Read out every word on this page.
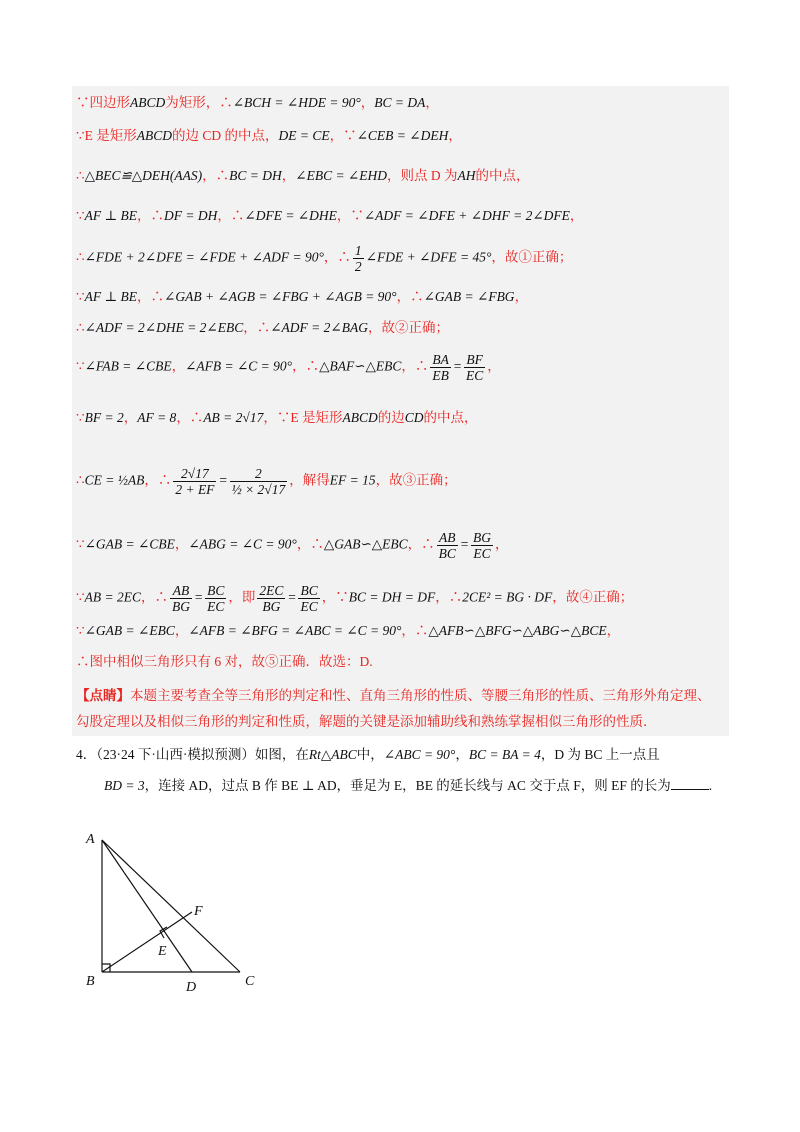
∵四边形ABCD为矩形，∴∠BCH = ∠HDE = 90°，BC = DA，
∵E 是矩形ABCD的边 CD 的中点，DE = CE，∵∠CEB = ∠DEH，
∴△BEC≌△DEH(AAS)，∴BC = DH，∠EBC = ∠EHD，则点 D 为AH的中点，
∵AF ⊥ BE，∴DF = DH，∴∠DFE = ∠DHE，∵∠ADF = ∠DFE + ∠DHF = 2∠DFE，
∴∠FDE + 2∠DFE = ∠FDE + ∠ADF = 90°，∴ $\frac{1}{2}$ ∠FDE + ∠DFE = 45°，故①正确；
∵AF ⊥ BE，∴∠GAB + ∠AGB = ∠FBG + ∠AGB = 90°，∴∠GAB = ∠FBG，
∴∠ADF = 2∠DHE = 2∠EBC，∴∠ADF = 2∠BAG，故②正确；
∵∠FAB = ∠CBE，∠AFB = ∠C = 90°，∴△BAF∽△EBC，∴ $\frac{BA}{EB} = \frac{BF}{EC}$ ，
∵BF = 2，AF = 8，∴AB = 2√17，∵E 是矩形ABCD的边CD的中点，
∴CE = ½AB，∴ $\frac{2√17}{2 + EF} = \frac{2}{\text{½ × 2√17}}$ ，解得EF = 15，故③正确；
∵∠GAB = ∠CBE，∠ABG = ∠C = 90°，∴△GAB∽△EBC，∴ $\frac{AB}{BC} = \frac{BG}{EC}$ ，
∵AB = 2EC，∴ $\frac{AB}{BG} = \frac{BC}{EC}$ ，即 $\frac{2EC}{BG} = \frac{BC}{EC}$ ，∵BC = DH = DF，∴2CE² = BG · DF，故④正确；
∵∠GAB = ∠EBC，∠AFB = ∠BFG = ∠ABC = ∠C = 90°，∴△AFB∽△BFG∽△ABG∽△BCE，
∴图中相似三角形只有 6 对，故⑤正确．故选：D.
【点睛】本题主要考查全等三角形的判定和性、直角三角形的性质、等腰三角形的性质、三角形外角定理、
勾股定理以及相似三角形的判定和性质，解题的关键是添加辅助线和熟练掌握相似三角形的性质．
4．（23·24 下·山西·模拟预测）如图，在Rt△ABC中，∠ABC = 90°，BC = BA = 4，D 为 BC 上一点且
BD = 3，连接 AD，过点 B 作 BE ⊥ AD，垂足为 E，BE 的延长线与 AC 交于点 F，则 EF 的长为	.
A
B	C
D
E
F
